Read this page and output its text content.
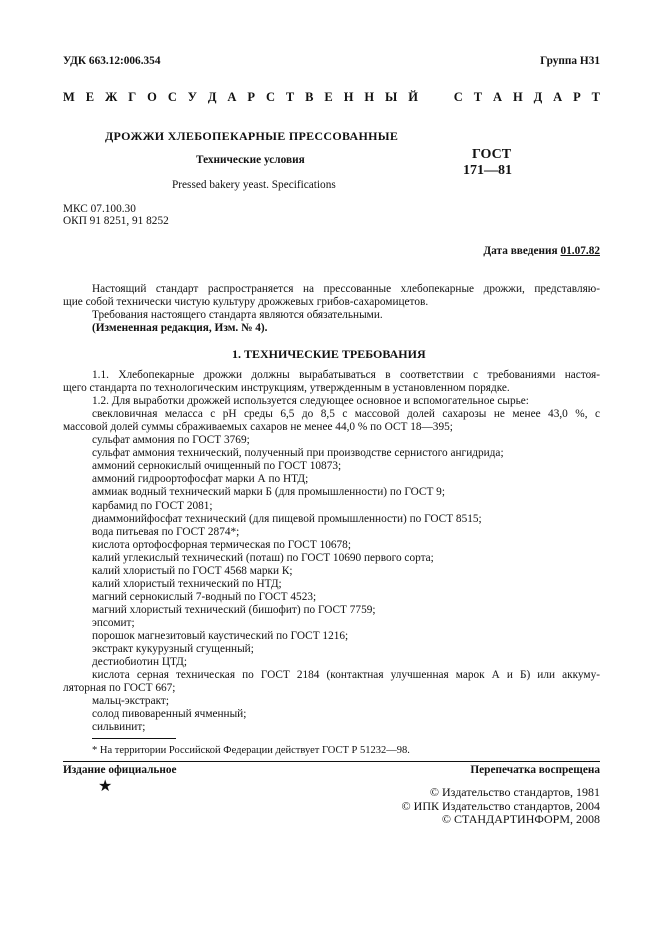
УДК 663.12:006.354	Группа Н31
М Е Ж Г О С У Д А Р С Т В Е Н Н Ы Й	С Т А Н Д А Р Т
ДРОЖЖИ ХЛЕБОПЕКАРНЫЕ ПРЕССОВАННЫЕ
Технические условия
Pressed bakery yeast. Specifications
ГОСТ
171—81
МКС 07.100.30
ОКП 91 8251, 91 8252
Дата введения 01.07.82
Настоящий стандарт распространяется на прессованные хлебопекарные дрожжи, представляю-
щие собой технически чистую культуру дрожжевых грибов-сахаромицетов.
Требования настоящего стандарта являются обязательными.
(Измененная редакция, Изм. № 4).
1. ТЕХНИЧЕСКИЕ ТРЕБОВАНИЯ
1.1. Хлебопекарные дрожжи должны вырабатываться в соответствии с требованиями настоя-
щего стандарта по технологическим инструкциям, утвержденным в установленном порядке.
1.2. Для выработки дрожжей используется следующее основное и вспомогательное сырье:
свекловичная меласса с рН среды 6,5 до 8,5 с массовой долей сахарозы не менее 43,0 %, с
массовой долей суммы сбраживаемых сахаров не менее 44,0 % по ОСТ 18—395;
сульфат аммония по ГОСТ 3769;
сульфат аммония технический, полученный при производстве сернистого ангидрида;
аммоний сернокислый очищенный по ГОСТ 10873;
аммоний гидроортофосфат марки А по НТД;
аммиак водный технический марки Б (для промышленности) по ГОСТ 9;
карбамид по ГОСТ 2081;
диаммонийфосфат технический (для пищевой промышленности) по ГОСТ 8515;
вода питьевая по ГОСТ 2874*;
кислота ортофосфорная термическая по ГОСТ 10678;
калий углекислый технический (поташ) по ГОСТ 10690 первого сорта;
калий хлористый по ГОСТ 4568 марки К;
калий хлористый технический по НТД;
магний сернокислый 7-водный по ГОСТ 4523;
магний хлористый технический (бишофит) по ГОСТ 7759;
эпсомит;
порошок магнезитовый каустический по ГОСТ 1216;
экстракт кукурузный сгущенный;
дестиобиотин ЦТД;
кислота серная техническая по ГОСТ 2184 (контактная улучшенная марок А и Б) или аккуму-
ляторная по ГОСТ 667;
мальц-экстракт;
солод пивоваренный ячменный;
сильвинит;
* На территории Российской Федерации действует ГОСТ Р 51232—98.
Издание официальное	Перепечатка воспрещена
★	© Издательство стандартов, 1981
© ИПК Издательство стандартов, 2004
© СТАНДАРТИНФОРМ, 2008
